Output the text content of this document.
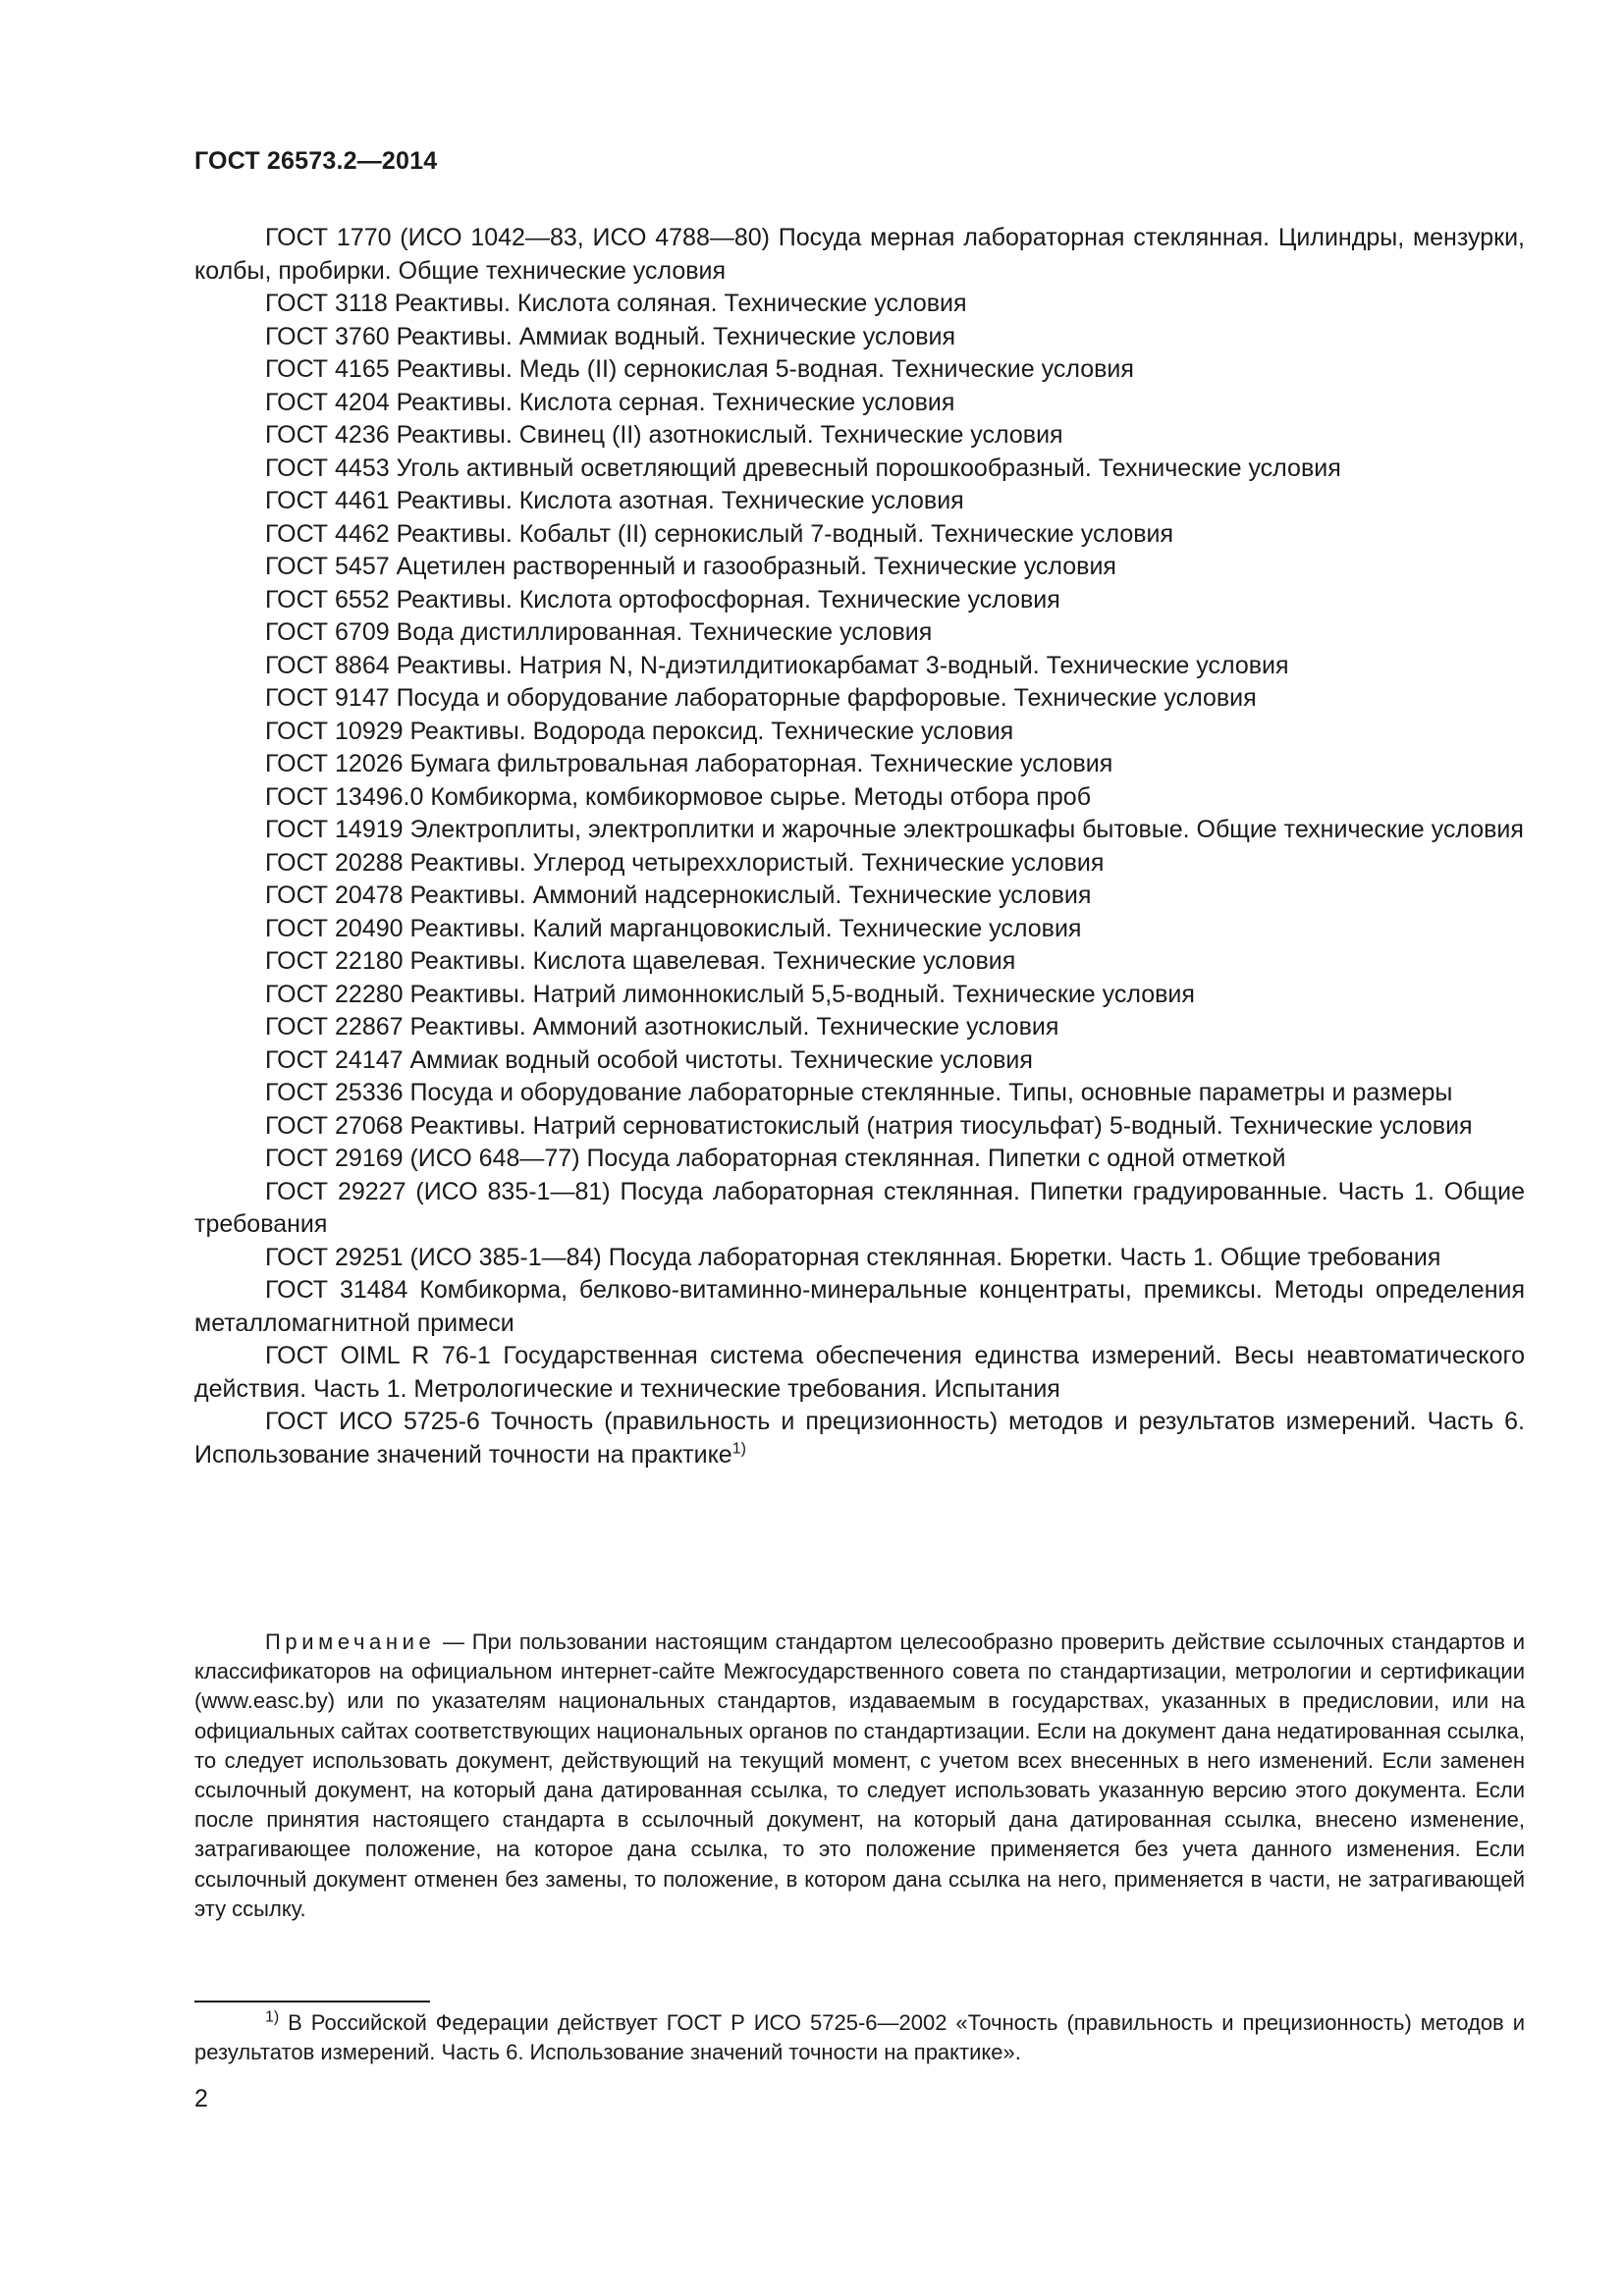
ГОСТ 26573.2—2014

ГОСТ 1770 (ИСО 1042—83, ИСО 4788—80) Посуда мерная лабораторная стеклянная. Цилиндры, мензурки, колбы, пробирки. Общие технические условия

ГОСТ 3118 Реактивы. Кислота соляная. Технические условия

ГОСТ 3760 Реактивы. Аммиак водный. Технические условия

ГОСТ 4165 Реактивы. Медь (II) сернокислая 5-водная. Технические условия

ГОСТ 4204 Реактивы. Кислота серная. Технические условия

ГОСТ 4236 Реактивы. Свинец (II) азотнокислый. Технические условия

ГОСТ 4453 Уголь активный осветляющий древесный порошкообразный. Технические условия

ГОСТ 4461 Реактивы. Кислота азотная. Технические условия

ГОСТ 4462 Реактивы. Кобальт (II) сернокислый 7-водный. Технические условия

ГОСТ 5457 Ацетилен растворенный и газообразный. Технические условия

ГОСТ 6552 Реактивы. Кислота ортофосфорная. Технические условия

ГОСТ 6709 Вода дистиллированная. Технические условия

ГОСТ 8864 Реактивы. Натрия N, N-диэтилдитиокарбамат 3-водный. Технические условия

ГОСТ 9147 Посуда и оборудование лабораторные фарфоровые. Технические условия

ГОСТ 10929 Реактивы. Водорода пероксид. Технические условия

ГОСТ 12026 Бумага фильтровальная лабораторная. Технические условия

ГОСТ 13496.0 Комбикорма, комбикормовое сырье. Методы отбора проб

ГОСТ 14919 Электроплиты, электроплитки и жарочные электрошкафы бытовые. Общие технические условия

ГОСТ 20288 Реактивы. Углерод четыреххлористый. Технические условия

ГОСТ 20478 Реактивы. Аммоний надсернокислый. Технические условия

ГОСТ 20490 Реактивы. Калий марганцовокислый. Технические условия

ГОСТ 22180 Реактивы. Кислота щавелевая. Технические условия

ГОСТ 22280 Реактивы. Натрий лимоннокислый 5,5-водный. Технические условия

ГОСТ 22867 Реактивы. Аммоний азотнокислый. Технические условия

ГОСТ 24147 Аммиак водный особой чистоты. Технические условия

ГОСТ 25336 Посуда и оборудование лабораторные стеклянные. Типы, основные параметры и размеры

ГОСТ 27068 Реактивы. Натрий серноватистокислый (натрия тиосульфат) 5-водный. Технические условия

ГОСТ 29169 (ИСО 648—77) Посуда лабораторная стеклянная. Пипетки с одной отметкой

ГОСТ 29227 (ИСО 835-1—81) Посуда лабораторная стеклянная. Пипетки градуированные. Часть 1. Общие требования

ГОСТ 29251 (ИСО 385-1—84) Посуда лабораторная стеклянная. Бюретки. Часть 1. Общие требования

ГОСТ 31484 Комбикорма, белково-витаминно-минеральные концентраты, премиксы. Методы определения металломагнитной примеси

ГОСТ OIML R 76-1 Государственная система обеспечения единства измерений. Весы неавтоматического действия. Часть 1. Метрологические и технические требования. Испытания

ГОСТ ИСО 5725-6 Точность (правильность и прецизионность) методов и результатов измерений. Часть 6. Использование значений точности на практике$^{1)}$

Примечание — При пользовании настоящим стандартом целесообразно проверить действие ссылочных стандартов и классификаторов на официальном интернет-сайте Межгосударственного совета по стандартизации, метрологии и сертификации (www.easc.by) или по указателям национальных стандартов, издаваемым в государствах, указанных в предисловии, или на официальных сайтах соответствующих национальных органов по стандартизации. Если на документ дана недатированная ссылка, то следует использовать документ, действующий на текущий момент, с учетом всех внесенных в него изменений. Если заменен ссылочный документ, на который дана датированная ссылка, то следует использовать указанную версию этого документа. Если после принятия настоящего стандарта в ссылочный документ, на который дана датированная ссылка, внесено изменение, затрагивающее положение, на которое дана ссылка, то это положение применяется без учета данного изменения. Если ссылочный документ отменен без замены, то положение, в котором дана ссылка на него, применяется в части, не затрагивающей эту ссылку.

$^{1)}$ В Российской Федерации действует ГОСТ Р ИСО 5725-6—2002 «Точность (правильность и прецизионность) методов и результатов измерений. Часть 6. Использование значений точности на практике».

2
